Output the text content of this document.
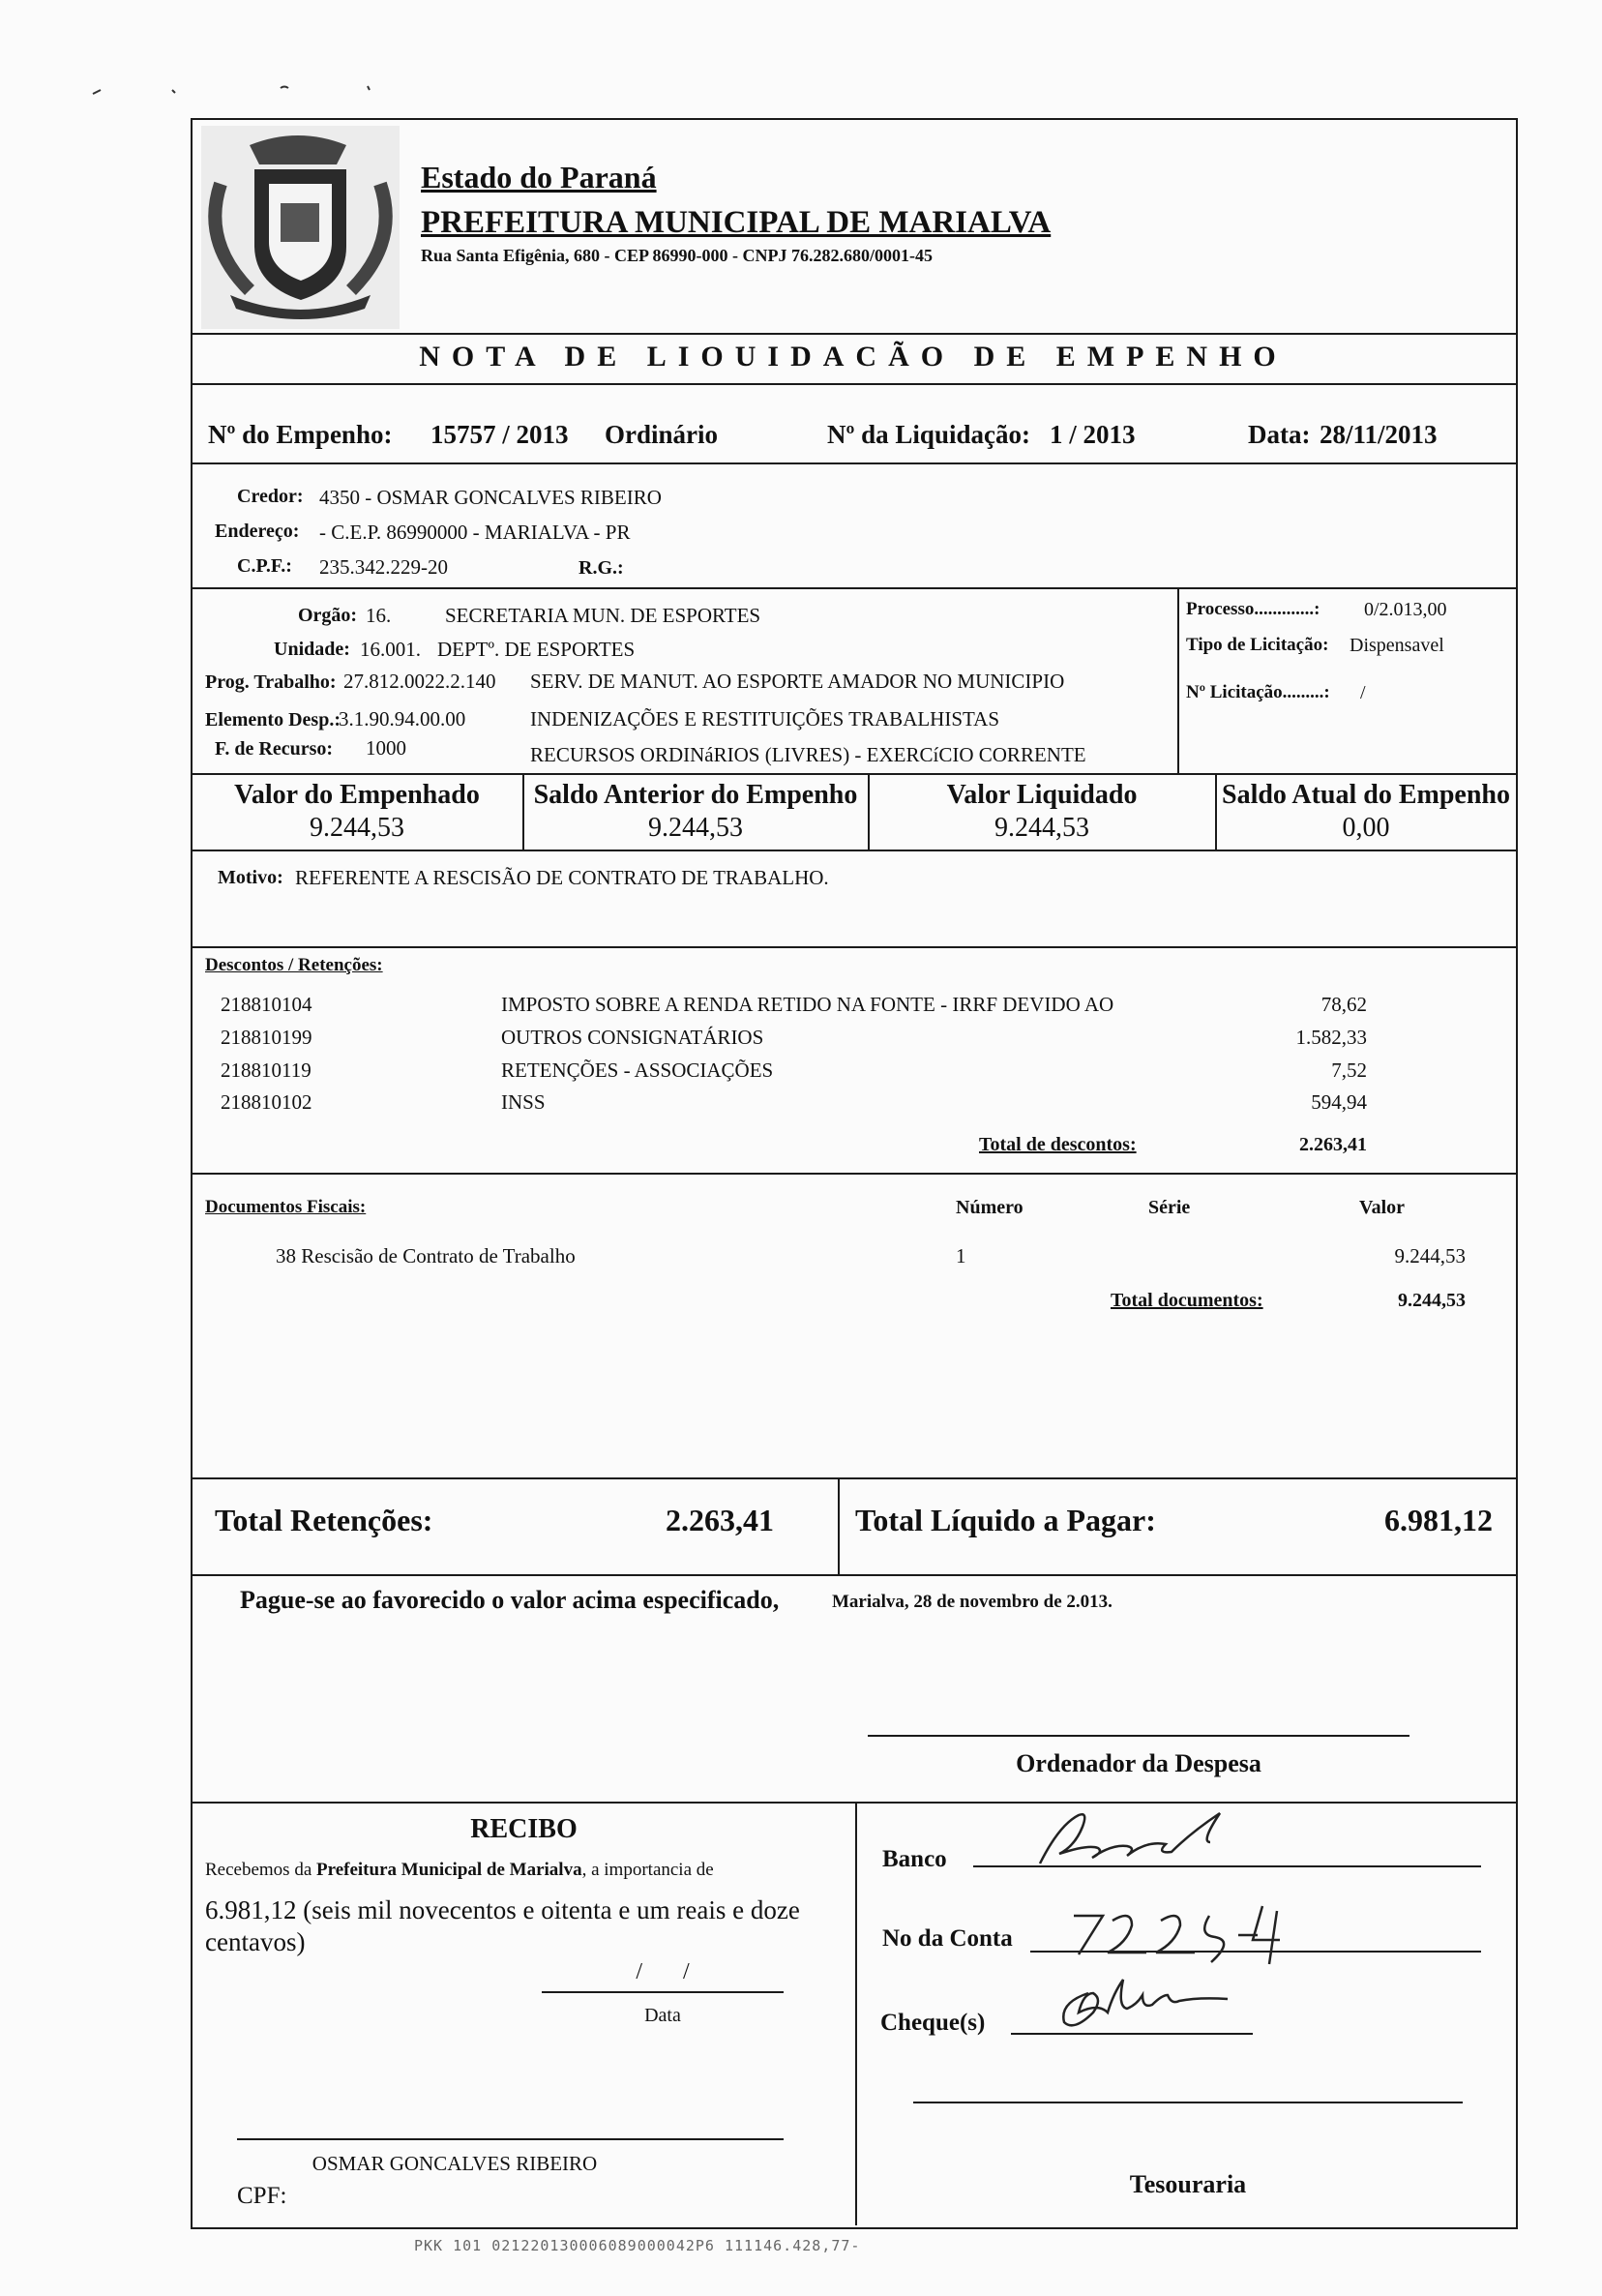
Estado do Paraná
PREFEITURA MUNICIPAL DE MARIALVA
Rua Santa Efigênia, 680 - CEP 86990-000 - CNPJ 76.282.680/0001-45
NOTA DE LIOUIDACÃO DE EMPENHO
Nº do Empenho: 15757 / 2013 Ordinário	Nº da Liquidação: 1 / 2013	Data: 28/11/2013
Credor: 4350 - OSMAR GONCALVES RIBEIRO
Endereço: - C.E.P. 86990000 - MARIALVA - PR
C.P.F.: 235.342.229-20	R.G.:
Orgão: 16.	SECRETARIA MUN. DE ESPORTES
Unidade: 16.001. DEPTº. DE ESPORTES
Prog. Trabalho: 27.812.0022.2.140 SERV. DE MANUT. AO ESPORTE AMADOR NO MUNICIPIO
Elemento Desp.:
3.1.90.94.00.00	INDENIZAÇÕES E RESTITUIÇÕES TRABALHISTAS
F. de Recurso: 1000	RECURSOS ORDINáRIOS (LIVRES) - EXERCíCIO CORRENTE
Processo.............: 0/2.013,00
Tipo de Licitação: Dispensavel
Nº Licitação.........: /
Valor do Empenhado
9.244,53
Saldo Anterior do Empenho
9.244,53
Valor Liquidado
9.244,53
Saldo Atual do Empenho
0,00
Motivo: REFERENTE A RESCISÃO DE CONTRATO DE TRABALHO.
Descontos / Retenções:
218810104	IMPOSTO SOBRE A RENDA RETIDO NA FONTE - IRRF DEVIDO AO	78,62
218810199	OUTROS CONSIGNATÁRIOS	1.582,33
218810119	RETENÇÕES - ASSOCIAÇÕES	7,52
218810102	INSS	594,94
Total de descontos:	2.263,41
Documentos Fiscais:	Número	Série	Valor
38 Rescisão de Contrato de Trabalho	1	9.244,53
Total documentos:	9.244,53
Total Retenções:	2.263,41	Total Líquido a Pagar:	6.981,12
Pague-se ao favorecido o valor acima especificado,	Marialva, 28 de novembro de 2.013.
Ordenador da Despesa
RECIBO
Recebemos da Prefeitura Municipal de Marialva, a importancia de
6.981,12 (seis mil novecentos e oitenta e um reais e doze centavos)
/       /
Data
OSMAR GONCALVES RIBEIRO
CPF:
Banco
No da Conta
Cheque(s)
Tesouraria
PKK 101 021220130006089000042P6 111146.428,77-
